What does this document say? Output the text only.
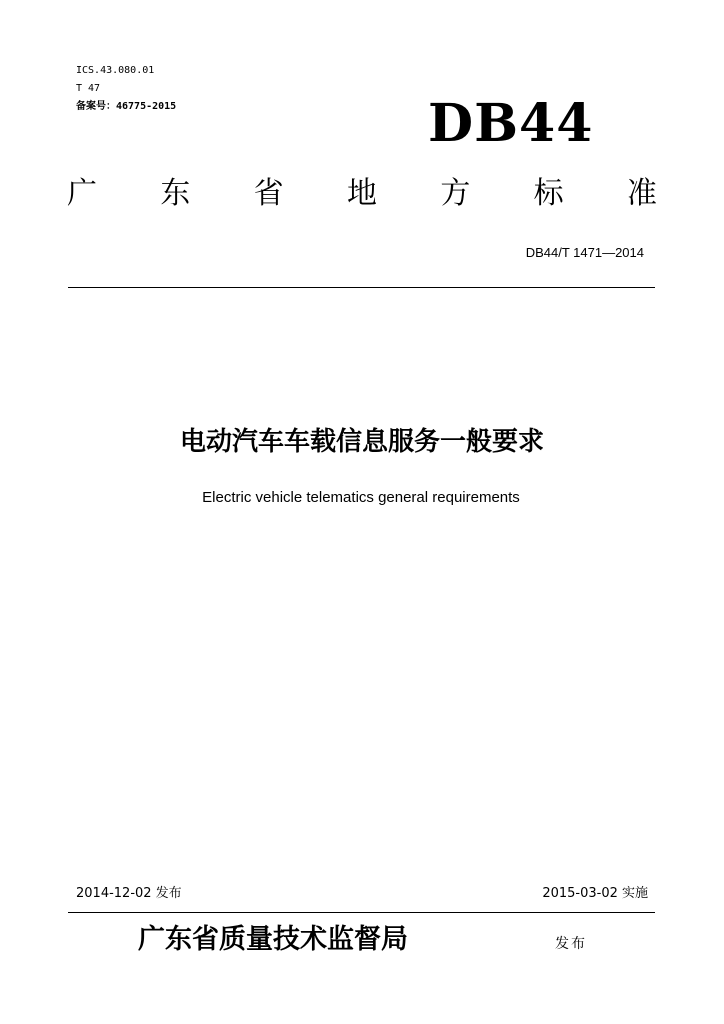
ICS.43.080.01
T 47
备案号：46775-2015	DB44
广 东 省 地 方 标 准
DB44/T 1471—2014
电动汽车车载信息服务一般要求
Electric vehicle telematics general requirements
2014-12-02 发布	2015-03-02 实施
广东省质量技术监督局	发布
